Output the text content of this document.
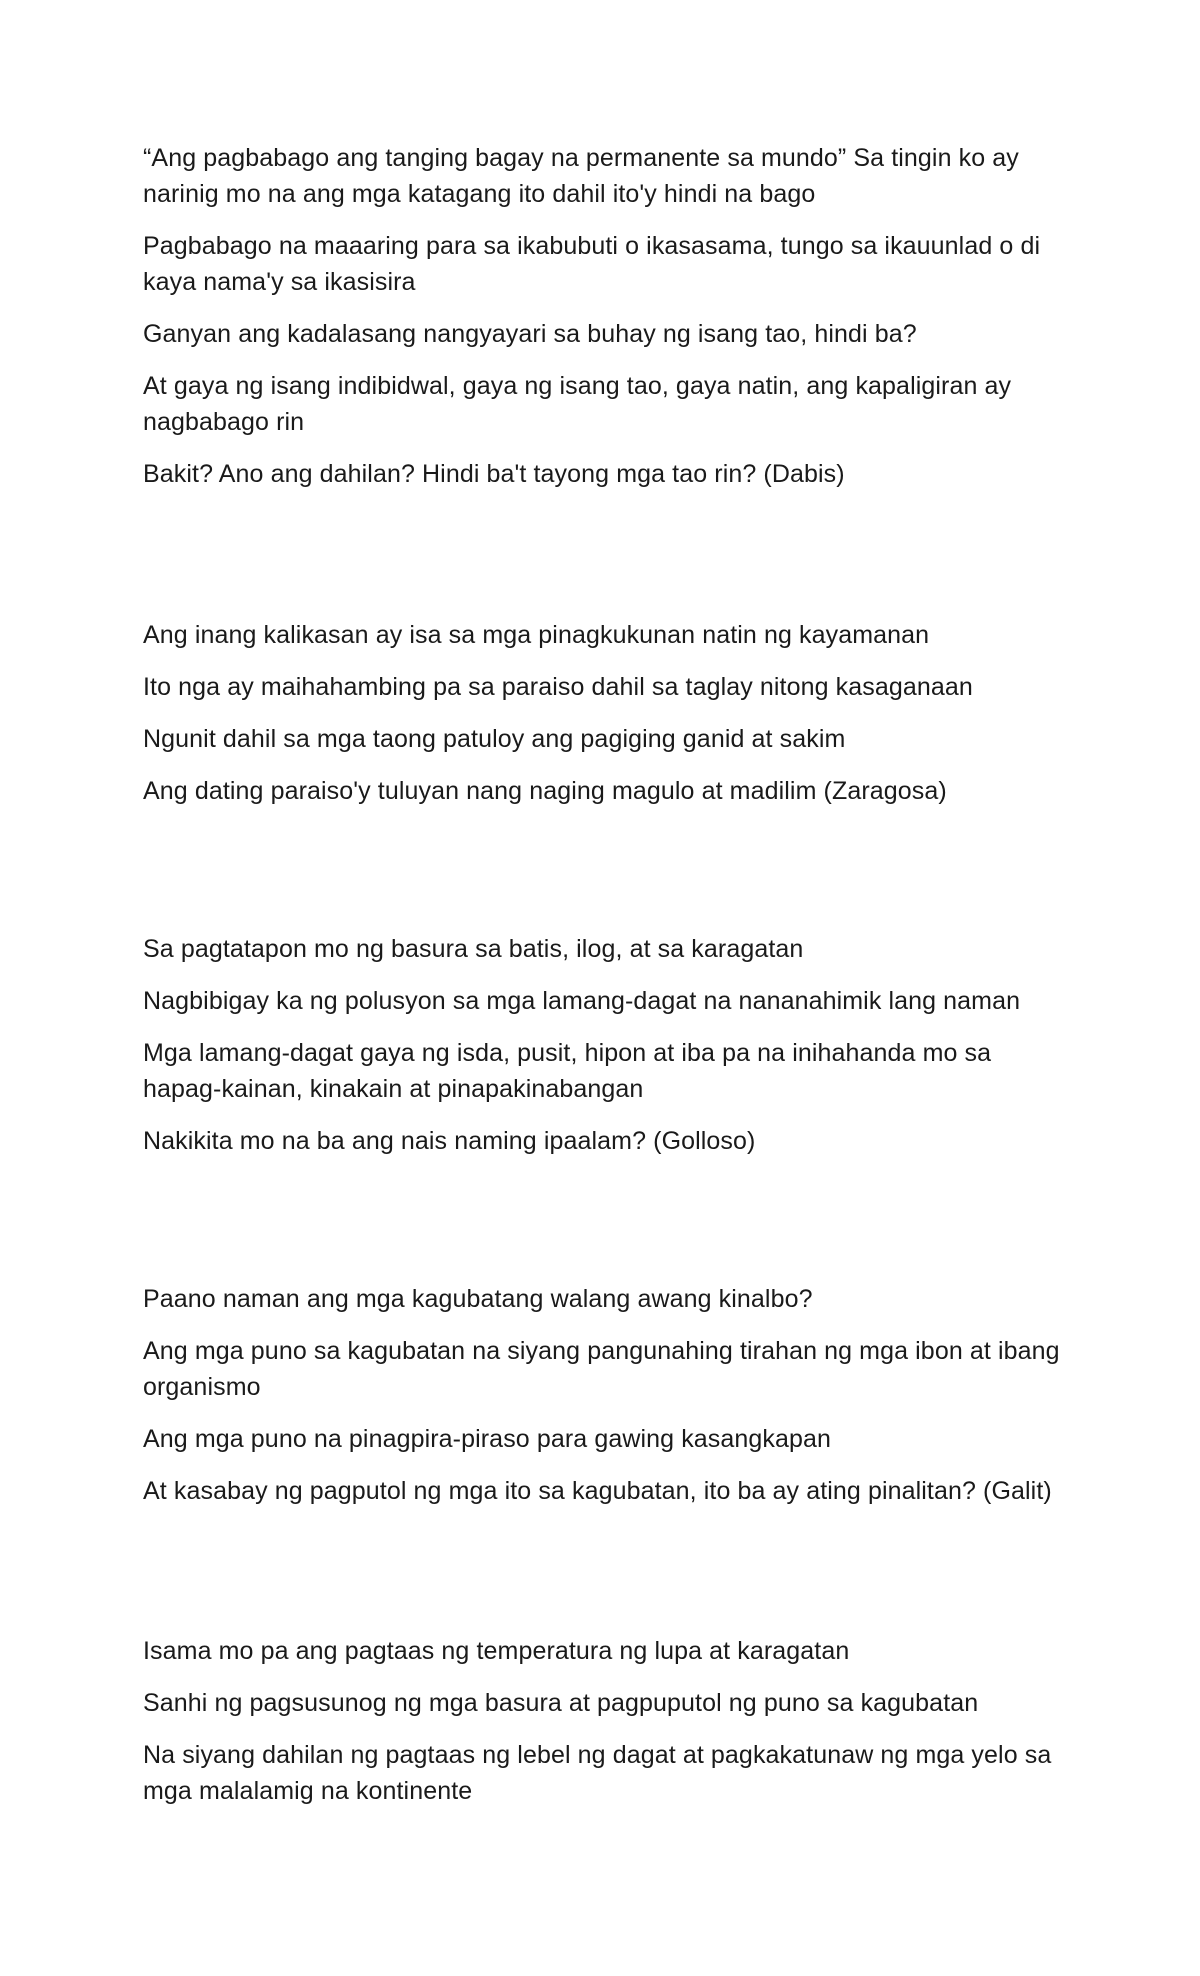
“Ang pagbabago ang tanging bagay na permanente sa mundo” Sa tingin ko ay narinig mo na ang mga katagang ito dahil ito'y hindi na bago

Pagbabago na maaaring para sa ikabubuti o ikasasama, tungo sa ikauunlad o di kaya nama'y sa ikasisira

Ganyan ang kadalasang nangyayari sa buhay ng isang tao, hindi ba?

At gaya ng isang indibidwal, gaya ng isang tao, gaya natin, ang kapaligiran ay nagbabago rin

Bakit? Ano ang dahilan? Hindi ba't tayong mga tao rin? (Dabis)

Ang inang kalikasan ay isa sa mga pinagkukunan natin ng kayamanan

Ito nga ay maihahambing pa sa paraiso dahil sa taglay nitong kasaganaan

Ngunit dahil sa mga taong patuloy ang pagiging ganid at sakim

Ang dating paraiso'y tuluyan nang naging magulo at madilim (Zaragosa)

Sa pagtatapon mo ng basura sa batis, ilog, at sa karagatan

Nagbibigay ka ng polusyon sa mga lamang-dagat na nananahimik lang naman

Mga lamang-dagat gaya ng isda, pusit, hipon at iba pa na inihahanda mo sa hapag-kainan, kinakain at pinapakinabangan

Nakikita mo na ba ang nais naming ipaalam? (Golloso)

Paano naman ang mga kagubatang walang awang kinalbo?

Ang mga puno sa kagubatan na siyang pangunahing tirahan ng mga ibon at ibang organismo

Ang mga puno na pinagpira-piraso para gawing kasangkapan

At kasabay ng pagputol ng mga ito sa kagubatan, ito ba ay ating pinalitan? (Galit)

Isama mo pa ang pagtaas ng temperatura ng lupa at karagatan

Sanhi ng pagsusunog ng mga basura at pagpuputol ng puno sa kagubatan

Na siyang dahilan ng pagtaas ng lebel ng dagat at pagkakatunaw ng mga yelo sa mga malalamig na kontinente
